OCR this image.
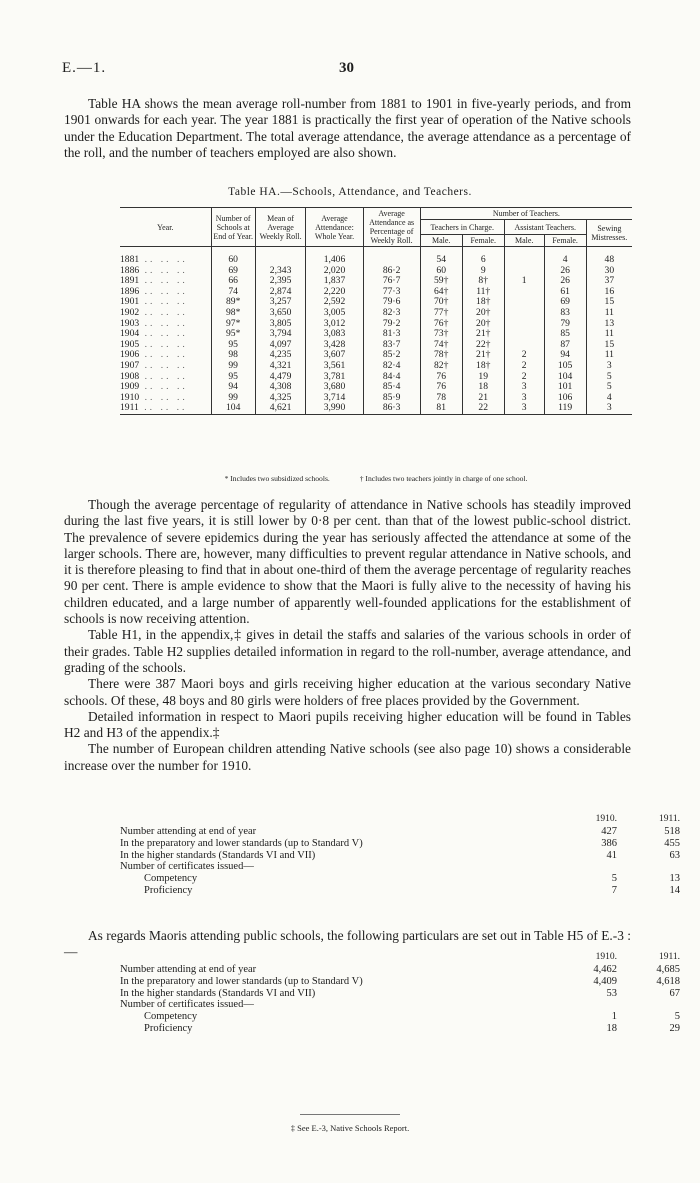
E.—1.	30

Table HA shows the mean average roll-number from 1881 to 1901 in five-yearly periods, and from 1901 onwards for each year. The year 1881 is practically the first year of operation of the Native schools under the Education Department. The total average attendance, the average attendance as a percentage of the roll, and the number of teachers employed are also shown.

Table HA.—Schools, Attendance, and Teachers.
Year.	Number of Schools at End of Year.	Mean of Average Weekly Roll.	Average Attendance: Whole Year.	Average Attendance as Percentage of Weekly Roll.	Number of Teachers.				
					Teachers in Charge.		Assistant Teachers.		Sewing Mistresses.
					Male.	Female.	Male.	Female.	

1881 .. .. ..	60		1,406		54	6		4	48
1886 .. .. ..	69	2,343	2,020	86·2	60	9		26	30
1891 .. .. ..	66	2,395	1,837	76·7	59†	8†	1	26	37
1896 .. .. ..	74	2,874	2,220	77·3	64†	11†		61	16
1901 .. .. ..	89*	3,257	2,592	79·6	70†	18†		69	15
1902 .. .. ..	98*	3,650	3,005	82·3	77†	20†		83	11
1903 .. .. ..	97*	3,805	3,012	79·2	76†	20†		79	13
1904 .. .. ..	95*	3,794	3,083	81·3	73†	21†		85	11
1905 .. .. ..	95	4,097	3,428	83·7	74†	22†		87	15
1906 .. .. ..	98	4,235	3,607	85·2	78†	21†	2	94	11
1907 .. .. ..	99	4,321	3,561	82·4	82†	18†	2	105	3
1908 .. .. ..	95	4,479	3,781	84·4	76	19	2	104	5
1909 .. .. ..	94	4,308	3,680	85·4	76	18	3	101	5
1910 .. .. ..	99	4,325	3,714	85·9	78	21	3	106	4
1911 .. .. ..	104	4,621	3,990	86·3	81	22	3	119	3
* Includes two subsidized schools.	† Includes two teachers jointly in charge of one school.

Though the average percentage of regularity of attendance in Native schools has steadily improved during the last five years, it is still lower by 0·8 per cent. than that of the lowest public-school district. The prevalence of severe epidemics during the year has seriously affected the attendance at some of the larger schools. There are, however, many difficulties to prevent regular attendance in Native schools, and it is therefore pleasing to find that in about one-third of them the average percentage of regularity reaches 90 per cent. There is ample evidence to show that the Maori is fully alive to the necessity of having his children educated, and a large number of apparently well-founded applications for the establishment of schools is now receiving attention.

Table H1, in the appendix,‡ gives in detail the staffs and salaries of the various schools in order of their grades. Table H2 supplies detailed information in regard to the roll-number, average attendance, and grading of the schools.

There were 387 Maori boys and girls receiving higher education at the various secondary Native schools. Of these, 48 boys and 80 girls were holders of free places provided by the Government.

Detailed information in respect to Maori pupils receiving higher education will be found in Tables H2 and H3 of the appendix.‡

The number of European children attending Native schools (see also page 10) shows a considerable increase over the number for 1910.

1910.	1911.
Number attending at end of year	427	518
In the preparatory and lower standards (up to Standard V)	386	455
In the higher standards (Standards VI and VII)	41	63
Number of certificates issued—
Competency	5	13
Proficiency	7	14

As regards Maoris attending public schools, the following particulars are set out in Table H5 of E.-3 :—	1910.	1911.
Number attending at end of year	4,462	4,685
In the preparatory and lower standards (up to Standard V)	4,409	4,618
In the higher standards (Standards VI and VII)	53	67
Number of certificates issued—
Competency	1	5
Proficiency	18	29
‡ See E.-3, Native Schools Report.
